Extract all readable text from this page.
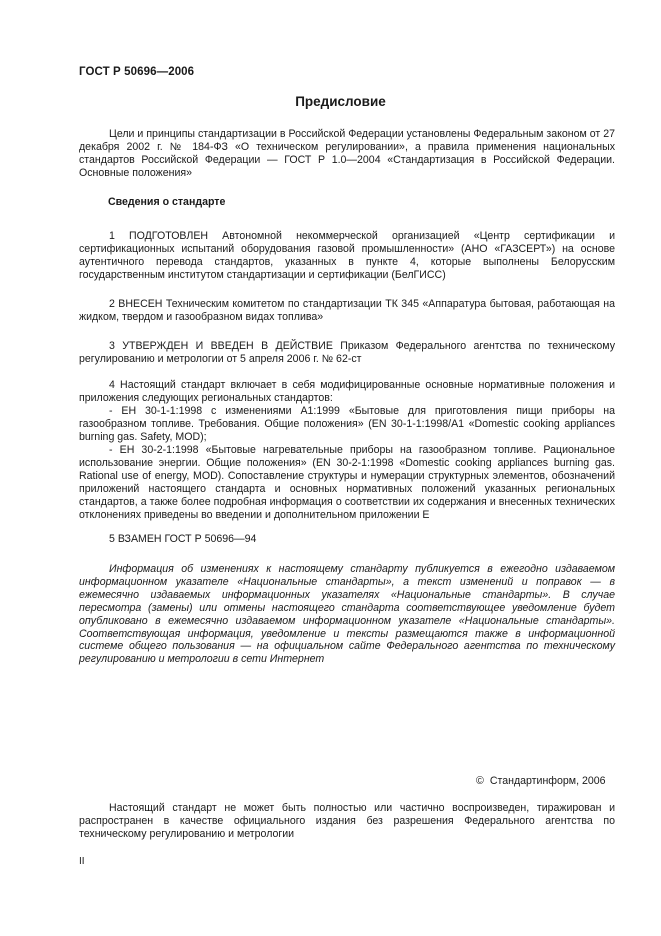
ГОСТ Р 50696—2006
Предисловие

Цели и принципы стандартизации в Российской Федерации установлены Федеральным законом от 27 декабря 2002 г. № 184-ФЗ «О техническом регулировании», а правила применения национальных стандартов Российской Федерации — ГОСТ Р 1.0—2004 «Стандартизация в Российской Федерации. Основные положения»

Сведения о стандарте

1 ПОДГОТОВЛЕН Автономной некоммерческой организацией «Центр сертификации и сертификационных испытаний оборудования газовой промышленности» (АНО «ГАЗСЕРТ») на основе аутентичного перевода стандартов, указанных в пункте 4, которые выполнены Белорусским государственным институтом стандартизации и сертификации (БелГИСС)

2 ВНЕСЕН Техническим комитетом по стандартизации ТК 345 «Аппаратура бытовая, работающая на жидком, твердом и газообразном видах топлива»

3 УТВЕРЖДЕН И ВВЕДЕН В ДЕЙСТВИЕ Приказом Федерального агентства по техническому регулированию и метрологии от 5 апреля 2006 г. № 62-ст

4 Настоящий стандарт включает в себя модифицированные основные нормативные положения и приложения следующих региональных стандартов:

- ЕН 30-1-1:1998 с изменениями А1:1999 «Бытовые для приготовления пищи приборы на газообразном топливе. Требования. Общие положения» (EN 30-1-1:1998/A1 «Domestic cooking appliances burning gas. Safety, MOD);

- ЕН 30-2-1:1998 «Бытовые нагревательные приборы на газообразном топливе. Рациональное использование энергии. Общие положения» (EN 30-2-1:1998 «Domestic cooking appliances burning gas. Rational use of energy, MOD). Сопоставление структуры и нумерации структурных элементов, обозначений приложений настоящего стандарта и основных нормативных положений указанных региональных стандартов, а также более подробная информация о соответствии их содержания и внесенных технических отклонениях приведены во введении и дополнительном приложении Е

5 ВЗАМЕН ГОСТ Р 50696—94

Информация об изменениях к настоящему стандарту публикуется в ежегодно издаваемом информационном указателе «Национальные стандарты», а текст изменений и поправок — в ежемесячно издаваемых информационных указателях «Национальные стандарты». В случае пересмотра (замены) или отмены настоящего стандарта соответствующее уведомление будет опубликовано в ежемесячно издаваемом информационном указателе «Национальные стандарты». Соответствующая информация, уведомление и тексты размещаются также в информационной системе общего пользования — на официальном сайте Федерального агентства по техническому регулированию и метрологии в сети Интернет

© Стандартинформ, 2006

Настоящий стандарт не может быть полностью или частично воспроизведен, тиражирован и распространен в качестве официального издания без разрешения Федерального агентства по техническому регулированию и метрологии

II
